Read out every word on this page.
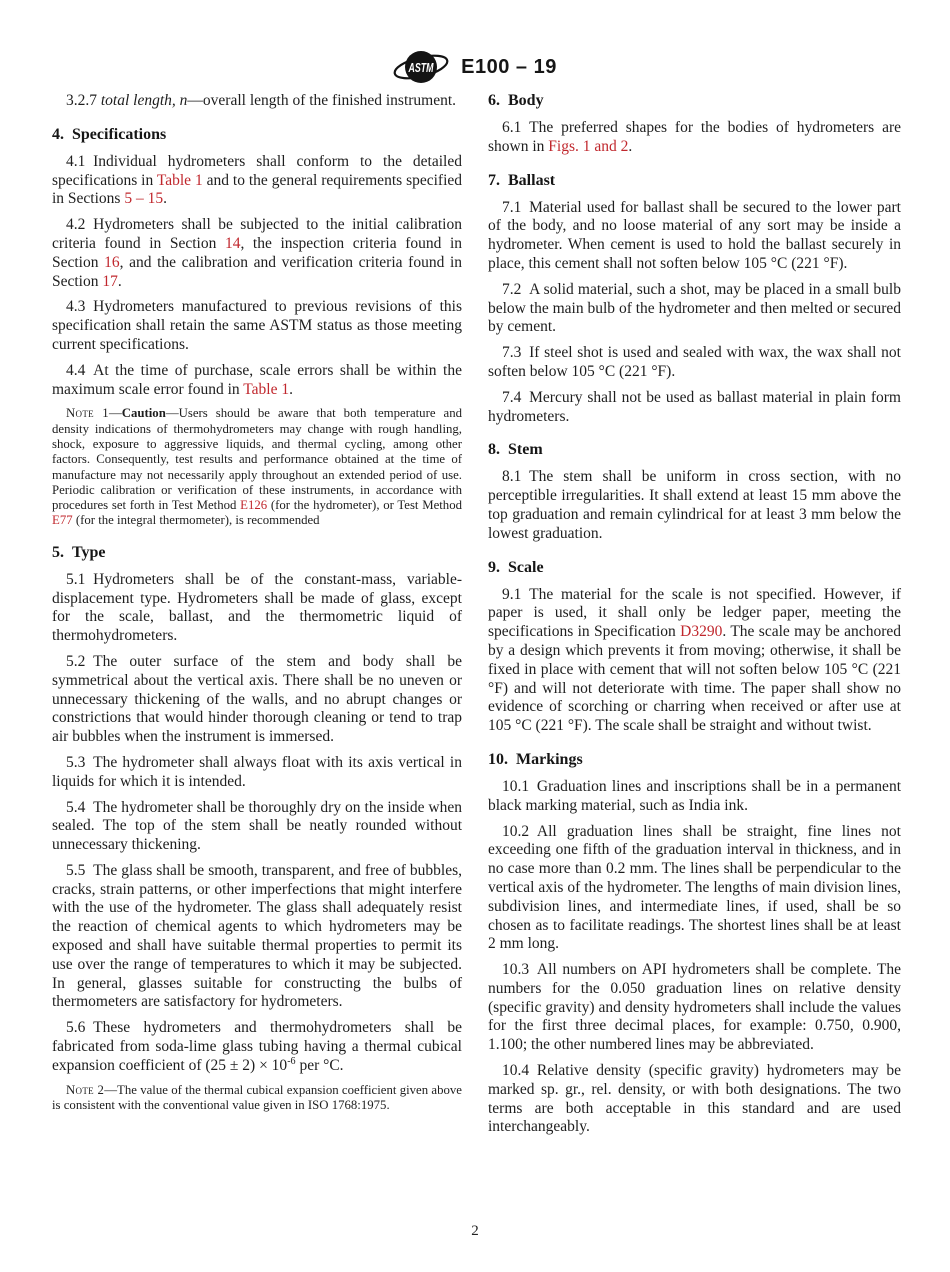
ASTM E100 – 19

3.2.7 total length, n—overall length of the finished instrument.

4. Specifications

4.1 Individual hydrometers shall conform to the detailed specifications in Table 1 and to the general requirements specified in Sections 5 – 15.

4.2 Hydrometers shall be subjected to the initial calibration criteria found in Section 14, the inspection criteria found in Section 16, and the calibration and verification criteria found in Section 17.

4.3 Hydrometers manufactured to previous revisions of this specification shall retain the same ASTM status as those meeting current specifications.

4.4 At the time of purchase, scale errors shall be within the maximum scale error found in Table 1.

Note 1—Caution—Users should be aware that both temperature and density indications of thermohydrometers may change with rough handling, shock, exposure to aggressive liquids, and thermal cycling, among other factors. Consequently, test results and performance obtained at the time of manufacture may not necessarily apply throughout an extended period of use. Periodic calibration or verification of these instruments, in accordance with procedures set forth in Test Method E126 (for the hydrometer), or Test Method E77 (for the integral thermometer), is recommended

5. Type

5.1 Hydrometers shall be of the constant-mass, variable-displacement type. Hydrometers shall be made of glass, except for the scale, ballast, and the thermometric liquid of thermohydrometers.

5.2 The outer surface of the stem and body shall be symmetrical about the vertical axis. There shall be no uneven or unnecessary thickening of the walls, and no abrupt changes or constrictions that would hinder thorough cleaning or tend to trap air bubbles when the instrument is immersed.

5.3 The hydrometer shall always float with its axis vertical in liquids for which it is intended.

5.4 The hydrometer shall be thoroughly dry on the inside when sealed. The top of the stem shall be neatly rounded without unnecessary thickening.

5.5 The glass shall be smooth, transparent, and free of bubbles, cracks, strain patterns, or other imperfections that might interfere with the use of the hydrometer. The glass shall adequately resist the reaction of chemical agents to which hydrometers may be exposed and shall have suitable thermal properties to permit its use over the range of temperatures to which it may be subjected. In general, glasses suitable for constructing the bulbs of thermometers are satisfactory for hydrometers.

5.6 These hydrometers and thermohydrometers shall be fabricated from soda-lime glass tubing having a thermal cubical expansion coefficient of $(25 \pm 2) \times 10^{-6}$ per °C.

Note 2—The value of the thermal cubical expansion coefficient given above is consistent with the conventional value given in ISO 1768:1975.

6. Body

6.1 The preferred shapes for the bodies of hydrometers are shown in Figs. 1 and 2.

7. Ballast

7.1 Material used for ballast shall be secured to the lower part of the body, and no loose material of any sort may be inside a hydrometer. When cement is used to hold the ballast securely in place, this cement shall not soften below 105 °C (221 °F).

7.2 A solid material, such a shot, may be placed in a small bulb below the main bulb of the hydrometer and then melted or secured by cement.

7.3 If steel shot is used and sealed with wax, the wax shall not soften below 105 °C (221 °F).

7.4 Mercury shall not be used as ballast material in plain form hydrometers.

8. Stem

8.1 The stem shall be uniform in cross section, with no perceptible irregularities. It shall extend at least 15 mm above the top graduation and remain cylindrical for at least 3 mm below the lowest graduation.

9. Scale

9.1 The material for the scale is not specified. However, if paper is used, it shall only be ledger paper, meeting the specifications in Specification D3290. The scale may be anchored by a design which prevents it from moving; otherwise, it shall be fixed in place with cement that will not soften below 105 °C (221 °F) and will not deteriorate with time. The paper shall show no evidence of scorching or charring when received or after use at 105 °C (221 °F). The scale shall be straight and without twist.

10. Markings

10.1 Graduation lines and inscriptions shall be in a permanent black marking material, such as India ink.

10.2 All graduation lines shall be straight, fine lines not exceeding one fifth of the graduation interval in thickness, and in no case more than 0.2 mm. The lines shall be perpendicular to the vertical axis of the hydrometer. The lengths of main division lines, subdivision lines, and intermediate lines, if used, shall be so chosen as to facilitate readings. The shortest lines shall be at least 2 mm long.

10.3 All numbers on API hydrometers shall be complete. The numbers for the 0.050 graduation lines on relative density (specific gravity) and density hydrometers shall include the values for the first three decimal places, for example: 0.750, 0.900, 1.100; the other numbered lines may be abbreviated.

10.4 Relative density (specific gravity) hydrometers may be marked sp. gr., rel. density, or with both designations. The two terms are both acceptable in this standard and are used interchangeably.

2
